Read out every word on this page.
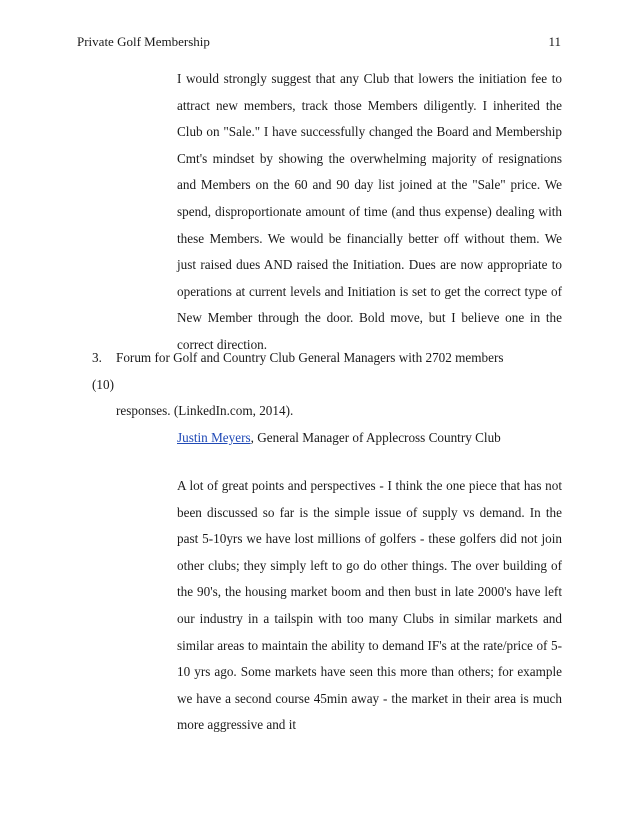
Private Golf Membership	11
I would strongly suggest that any Club that lowers the initiation fee to attract new members, track those Members diligently. I inherited the Club on "Sale." I have successfully changed the Board and Membership Cmt's mindset by showing the overwhelming majority of resignations and Members on the 60 and 90 day list joined at the "Sale" price. We spend, disproportionate amount of time (and thus expense) dealing with these Members. We would be financially better off without them. We just raised dues AND raised the Initiation. Dues are now appropriate to operations at current levels and Initiation is set to get the correct type of New Member through the door. Bold move, but I believe one in the correct direction.
3. Forum for Golf and Country Club General Managers with 2702 members (10)
responses. (LinkedIn.com, 2014).
Justin Meyers, General Manager of Applecross Country Club
A lot of great points and perspectives - I think the one piece that has not been discussed so far is the simple issue of supply vs demand. In the past 5-10yrs we have lost millions of golfers - these golfers did not join other clubs; they simply left to go do other things. The over building of the 90's, the housing market boom and then bust in late 2000's have left our industry in a tailspin with too many Clubs in similar markets and similar areas to maintain the ability to demand IF's at the rate/price of 5-10 yrs ago. Some markets have seen this more than others; for example we have a second course 45min away - the market in their area is much more aggressive and it
